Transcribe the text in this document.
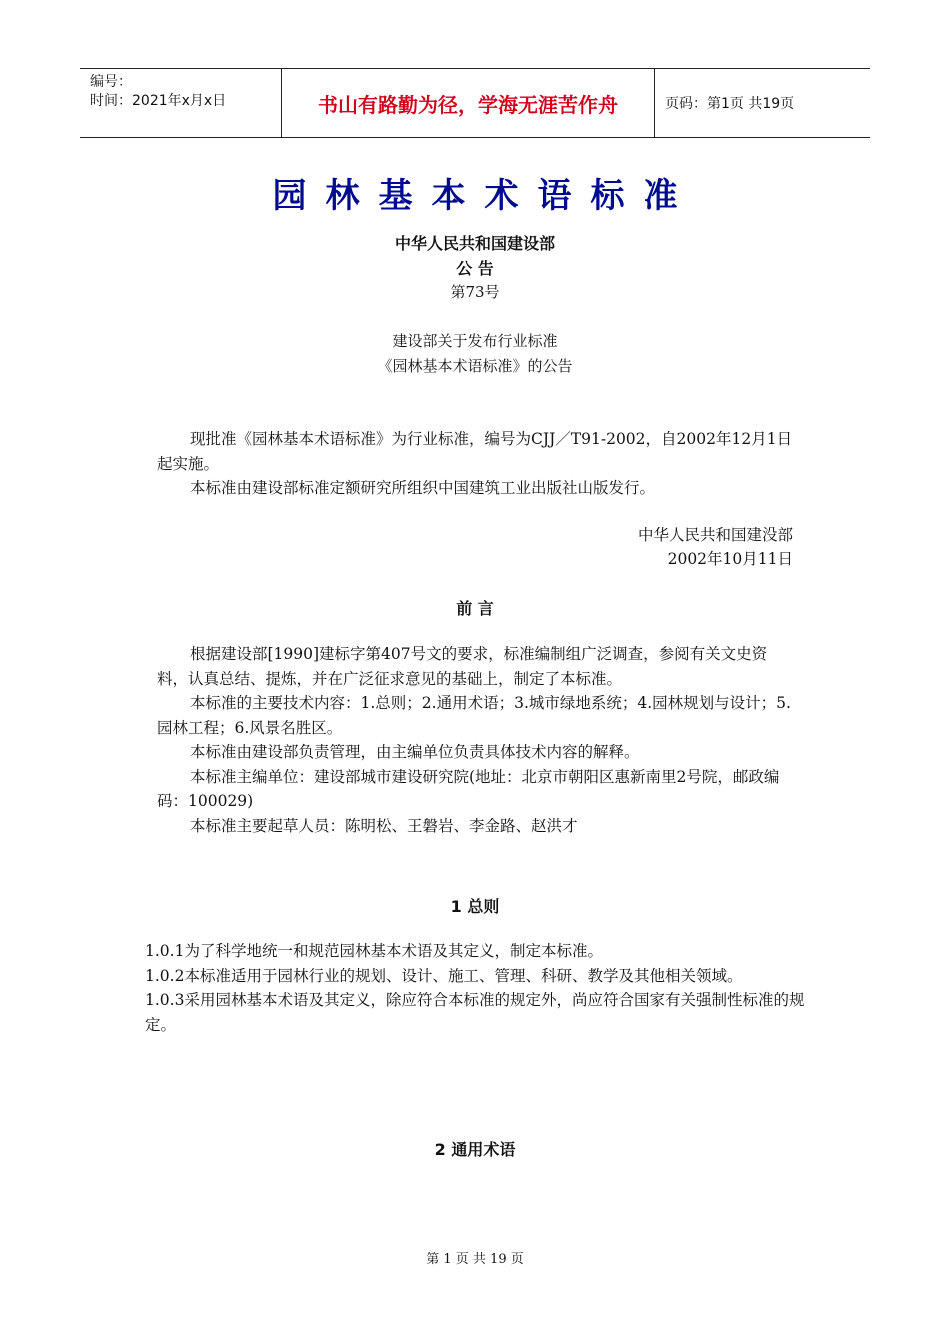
编号：
时间：2021年x月x日	书山有路勤为径，学海无涯苦作舟	页码：第1页 共19页
园林基本术语标准
中华人民共和国建设部
公 告
第73号
建设部关于发布行业标准
《园林基本术语标准》的公告

现批准《园林基本术语标准》为行业标准，编号为CJJ／T91-2002，自2002年12月1日起实施。

本标准由建设部标准定额研究所组织中国建筑工业出版社山版发行。

中华人民共和国建没部
2002年10月11日
前 言

根据建设部[1990]建标字第407号文的要求，标准编制组广泛调查，参阅有关文史资料，认真总结、提炼，并在广泛征求意见的基础上，制定了本标准。

本标准的主要技术内容：1.总则；2.通用术语；3.城市绿地系统；4.园林规划与设计；5.园林工程；6.风景名胜区。

本标准由建设部负责管理，由主编单位负责具体技术内容的解释。

本标准主编单位：建设部城市建设研究院(地址：北京市朝阳区惠新南里2号院，邮政编码：100029)

本标准主要起草人员：陈明松、王磐岩、李金路、赵洪才

1 总则

1.0.1为了科学地统一和规范园林基本术语及其定义，制定本标准。

1.0.2本标准适用于园林行业的规划、设计、施工、管理、科研、教学及其他相关领域。

1.0.3采用园林基本术语及其定义，除应符合本标准的规定外，尚应符合国家有关强制性标准的规定。

2 通用术语
第 1 页 共 19 页
